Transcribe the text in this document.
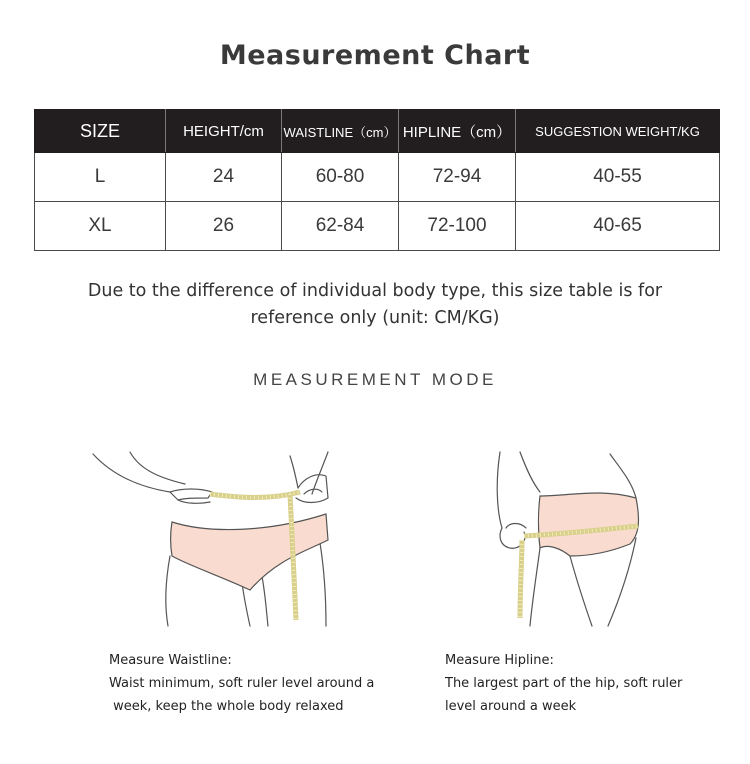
Measurement Chart
SIZE	HEIGHT/cm	WAISTLINE（cm）	HIPLINE（cm）	SUGGESTION WEIGHT/KG
L	24	60-80	72-94	40-55
XL	26	62-84	72-100	40-65
Due to the difference of individual body type, this size table is for reference only (unit: CM/KG)
MEASUREMENT MODE
Measure Waistline:
Waist minimum, soft ruler level around a
week, keep the whole body relaxed
Measure Hipline:
The largest part of the hip, soft ruler
level around a week
